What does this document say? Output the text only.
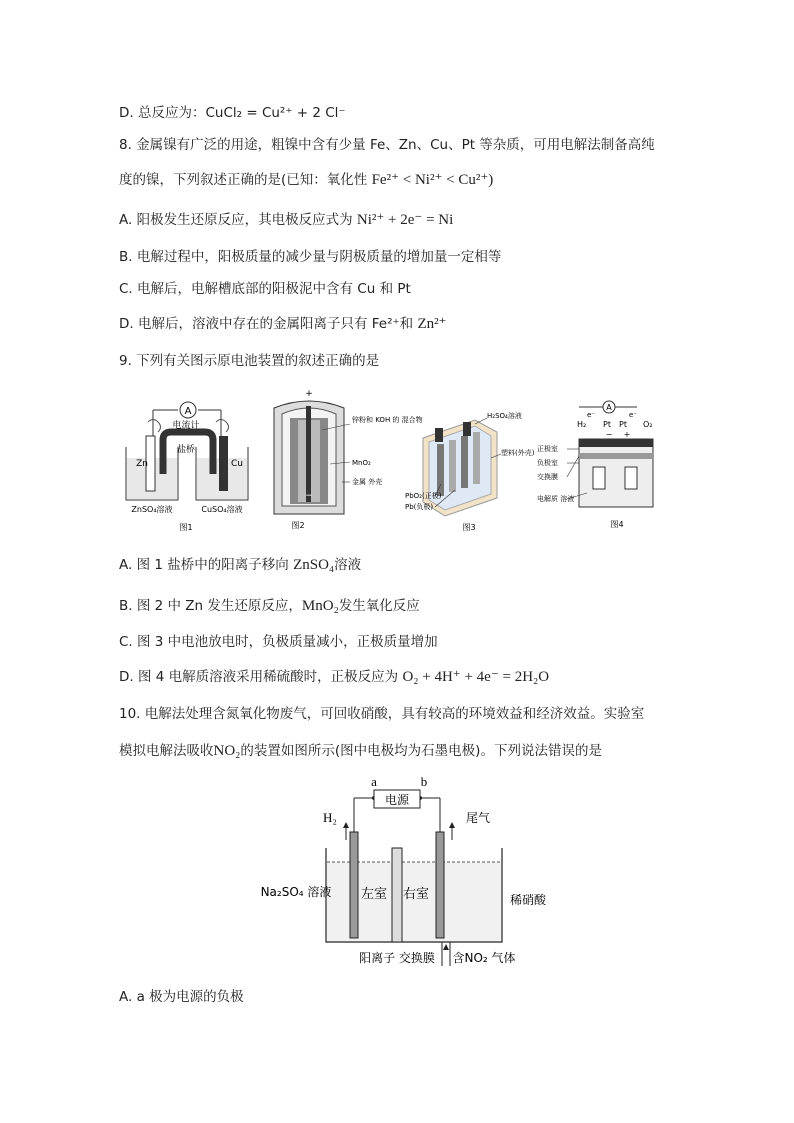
D. 总反应为：CuCl₂ = Cu²⁺ + 2 Cl⁻
8. 金属镍有广泛的用途，粗镍中含有少量 Fe、Zn、Cu、Pt 等杂质，可用电解法制备高纯
度的镍，下列叙述正确的是(已知：氧化性 Fe²⁺ < Ni²⁺ < Cu²⁺)
A. 阳极发生还原反应，其电极反应式为 Ni²⁺ + 2e⁻ = Ni
B. 电解过程中，阳极质量的减少量与阴极质量的增加量一定相等
C. 电解后，电解槽底部的阳极泥中含有 Cu 和 Pt
D. 电解后，溶液中存在的金属阳离子只有 Fe²⁺和 Zn²⁺
9. 下列有关图示原电池装置的叙述正确的是
A
电流计
盐桥
Zn	Cu
ZnSO₄溶液	CuSO₄溶液
图1
+
−
锌粉和 KOH 的 混合物
MnO₂
金属 外壳
图2
H₂SO₄溶液
塑料(外壳)
PbO₂(正极)
Pb(负极)
图3
A
e⁻	e⁻
H₂ Pt Pt O₂
− +
正极室
负极室
交换膜
电解质 溶液
图4
A. 图 1 盐桥中的阳离子移向 ZnSO₄溶液
B. 图 2 中 Zn 发生还原反应，MnO₂发生氧化反应
C. 图 3 中电池放电时，负极质量减小，正极质量增加
D. 图 4 电解质溶液采用稀硫酸时，正极反应为 O₂ + 4H⁺ + 4e⁻ = 2H₂O
10. 电解法处理含氮氧化物废气，可回收硝酸，具有较高的环境效益和经济效益。实验室
模拟电解法吸收NO₂的装置如图所示(图中电极均为石墨电极)。下列说法错误的是
a	b
电源
H₂	尾气
左室 右室
Na₂SO₄ 溶液
稀硝酸
阳离子 交换膜 含NO₂ 气体
A. a 极为电源的负极
